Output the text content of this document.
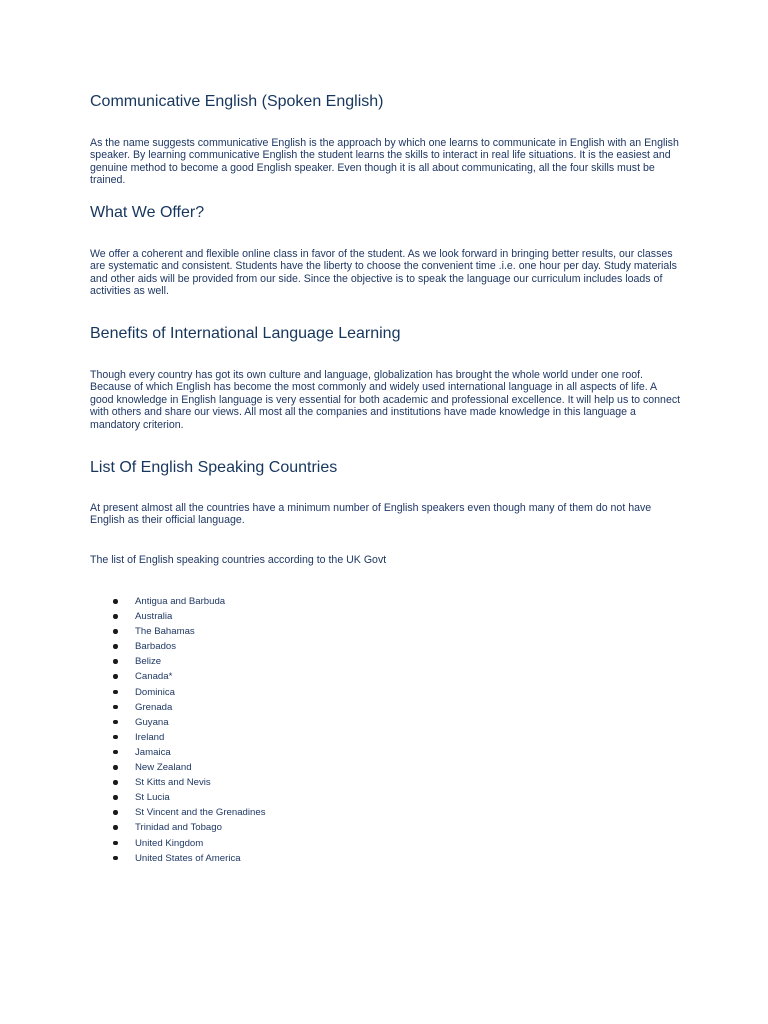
Communicative English (Spoken English)

As the name suggests communicative English is the approach by which one learns to communicate in English with an English speaker. By learning communicative English the student learns the skills to interact in real life situations. It is the easiest and genuine method to become a good English speaker. Even though it is all about communicating, all the four skills must be trained.

What We Offer?

We offer a coherent and flexible online class in favor of the student. As we look forward in bringing better results, our classes are systematic and consistent. Students have the liberty to choose the convenient time .i.e. one hour per day. Study materials and other aids will be provided from our side. Since the objective is to speak the language our curriculum includes loads of activities as well.

Benefits of International Language Learning

Though every country has got its own culture and language, globalization has brought the whole world under one roof. Because of which English has become the most commonly and widely used international language in all aspects of life. A good knowledge in English language is very essential for both academic and professional excellence. It will help us to connect with others and share our views. All most all the companies and institutions have made knowledge in this language a mandatory criterion.

List Of English Speaking Countries

At present almost all the countries have a minimum number of English speakers even though many of them do not have English as their official language.

The list of English speaking countries according to the UK Govt

Antigua and Barbuda
Australia
The Bahamas
Barbados
Belize
Canada*
Dominica
Grenada
Guyana
Ireland
Jamaica
New Zealand
St Kitts and Nevis
St Lucia
St Vincent and the Grenadines
Trinidad and Tobago
United Kingdom
United States of America
